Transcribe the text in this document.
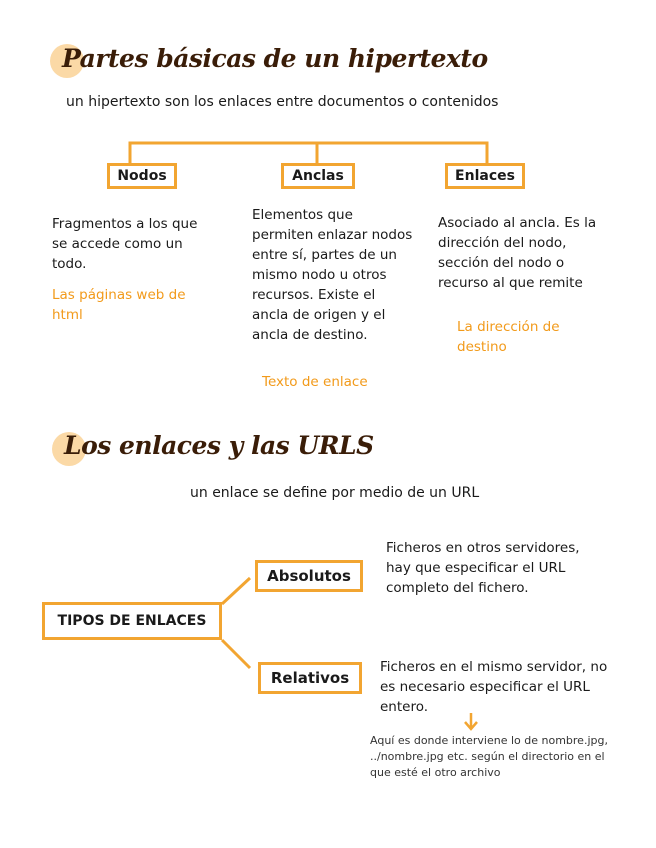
Partes básicas de un hipertexto
un hipertexto son los enlaces entre documentos o contenidos
Nodos	Anclas	Enlaces
Fragmentos a los que se accede como un todo.
Las páginas web de html
Elementos que permiten enlazar nodos entre sí, partes de un mismo nodo u otros recursos. Existe el ancla de origen y el ancla de destino.
Texto de enlace
Asociado al ancla. Es la dirección del nodo, sección del nodo o recurso al que remite
La dirección de destino
Los enlaces y las URLS
un enlace se define por medio de un URL
TIPOS DE ENLACES
Absolutos
Relativos
Ficheros en otros servidores, hay que especificar el URL completo del fichero.
Ficheros en el mismo servidor, no es necesario especificar el URL entero.
Aquí es donde interviene lo de nombre.jpg, ../nombre.jpg etc. según el directorio en el que esté el otro archivo
